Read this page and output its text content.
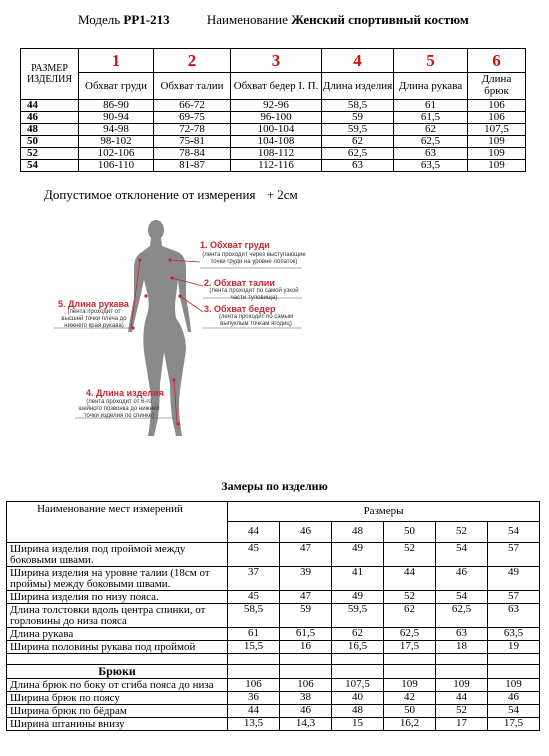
Модель РР1-213	Наименование Женский спортивный костюм
РАЗМЕР ИЗДЕЛИЯ	1	2	3	4	5	6
	Обхват груди	Обхват талии	Обхват бедер I. П.	Длина изделия	Длина рукава	Длина брюк
44	86-90	66-72	92-96	58,5	61	106
46	90-94	69-75	96-100	59	61,5	106
48	94-98	72-78	100-104	59,5	62	107,5
50	98-102	75-81	104-108	62	62,5	109
52	102-106	78-84	108-112	62,5	63	109
54	106-110	81-87	112-116	63	63,5	109
Допустимое отклонение от измерения + 2см
1. Обхват груди
(лента проходит через выступающие точки груди на уровне лопаток)
2. Обхват талии
(лента проходит по самой узкой части туловища)
3. Обхват бедер
(лента проходит по самым выпуклым точкам ягодиц)
4. Длина изделия
(лента проходит от 6-го шейного позвонка до нижней точки изделия по спинке)
5. Длина рукава
(лента проходит от высшей точки плеча до нижнего края рукава)
Замеры по изделию
Наименование мест измерений	Размеры					
	44	46	48	50	52	54
Ширина изделия под проймой между боковыми швами.	45	47	49	52	54	57
Ширина изделия на уровне талии (18см от проймы) между боковыми швами.	37	39	41	44	46	49
Ширина изделия по низу пояса.	45	47	49	52	54	57
Длина толстовки вдоль центра спинки, от горловины до низа пояса	58,5	59	59,5	62	62,5	63
Длина рукава	61	61,5	62	62,5	63	63,5
Ширина половины рукава под проймой	15,5	16	16,5	17,5	18	19

Брюки						
Длина брюк по боку от сгиба пояса до низа	106	106	107,5	109	109	109
Ширина брюк по поясу	36	38	40	42	44	46
Ширина брюк по бёдрам	44	46	48	50	52	54
Ширина штанины внизу	13,5	14,3	15	16,2	17	17,5
